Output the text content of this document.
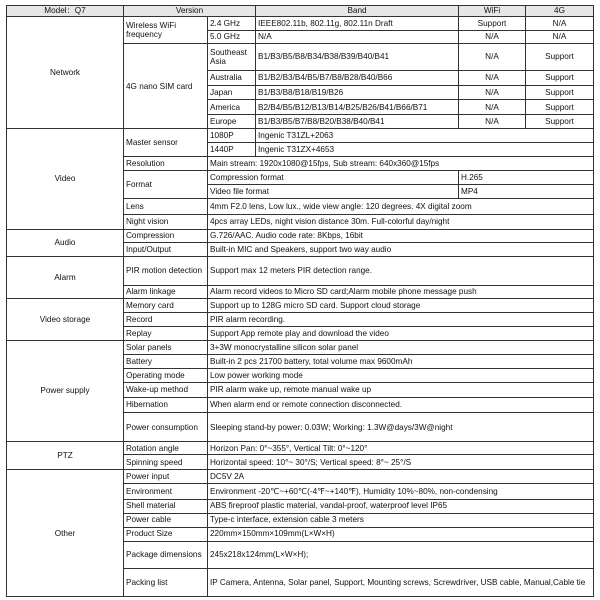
Model：Q7	Version		Band	WiFi	4G
Network	Wireless WiFi frequency	2.4 GHz	IEEE802.11b, 802.11g, 802.11n Draft	Support	N/A
		5.0 GHz	N/A	N/A	N/A
	4G nano SIM card	Southeast Asia	B1/B3/B5/B8/B34/B38/B39/B40/B41	N/A	Support
		Australia	B1/B2/B3/B4/B5/B7/B8/B28/B40/B66	N/A	Support
		Japan	B1/B3/B8/B18/B19/B26	N/A	Support
		America	B2/B4/B5/B12/B13/B14/B25/B26/B41/B66/B71	N/A	Support
		Europe	B1/B3/B5/B7/B8/B20/B38/B40/B41	N/A	Support
Video	Master sensor	1080P	Ingenic T31ZL+2063		
		1440P	Ingenic T31ZX+4653		
	Resolution	Main stream: 1920x1080@15fps, Sub stream: 640x360@15fps			
	Format	Compression format		H.265	
		Video file format		MP4	
	Lens	4mm F2.0 lens, Low lux., wide view angle: 120 degrees. 4X digital zoom			
	Night vision	4pcs array LEDs, night vision distance 30m. Full-colorful day/night			
Audio	Compression	G.726/AAC. Audio code rate: 8Kbps, 16bit			
	Input/Output	Built-in MIC and Speakers, support two way audio			
Alarm	PIR motion detection	Support max 12 meters PIR detection range.			
	Alarm linkage	Alarm record videos to Micro SD card;Alarm mobile phone message push			
Video storage	Memory card	Support up to 128G micro SD card. Support cloud storage			
	Record	PIR alarm recording.			
	Replay	Support App remote play and download the video			
Power supply	Solar panels	3+3W monocrystalline silicon solar panel			
	Battery	Built-in 2 pcs 21700 battery, total volume max 9600mAh			
	Operating mode	Low power working mode			
	Wake-up method	PIR alarm wake up, remote manual wake up			
	Hibernation	When alarm end or remote connection disconnected.			
	Power consumption	Sleeping stand-by power: 0.03W; Working: 1.3W@days/3W@night			
PTZ	Rotation angle	Horizon Pan: 0°~355°, Vertical Tilt: 0°~120°			
	Spinning speed	Horizontal speed: 10°~ 30°/S; Vertical speed: 8°~ 25°/S			
Other	Power input	DC5V 2A			
	Environment	Environment -20℃~+60℃(-4℉~+140℉), Humidity 10%~80%, non-condensing			
	Shell material	ABS fireproof plastic material, vandal-proof, waterproof level IP65			
	Power cable	Type-c interface, extension cable 3 meters			
	Product Size	220mm×150mm×109mm(L×W×H)			
	Package dimensions	245x218x124mm(L×W×H);			
	Packing list	IP Camera, Antenna, Solar panel, Support, Mounting screws, Screwdriver, USB cable, Manual,Cable tie			
